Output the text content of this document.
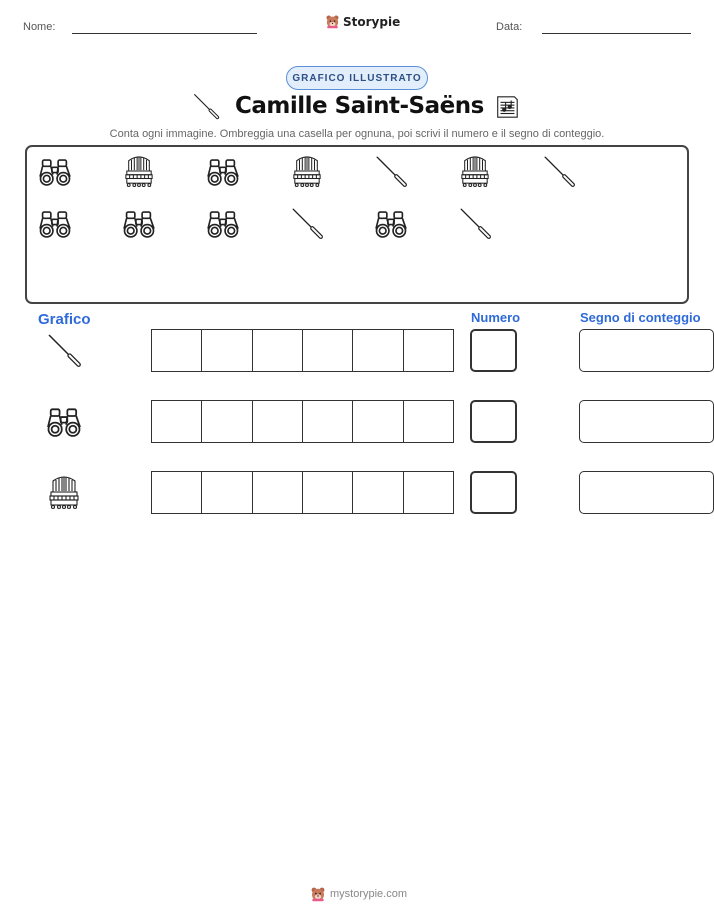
Nome:	Storypie	Data:
GRAFICO ILLUSTRATO
Camille Saint-Saëns
Conta ogni immagine. Ombreggia una casella per ognuna, poi scrivi il numero e il segno di conteggio.
Grafico	Numero	Segno di conteggio
mystorypie.com
